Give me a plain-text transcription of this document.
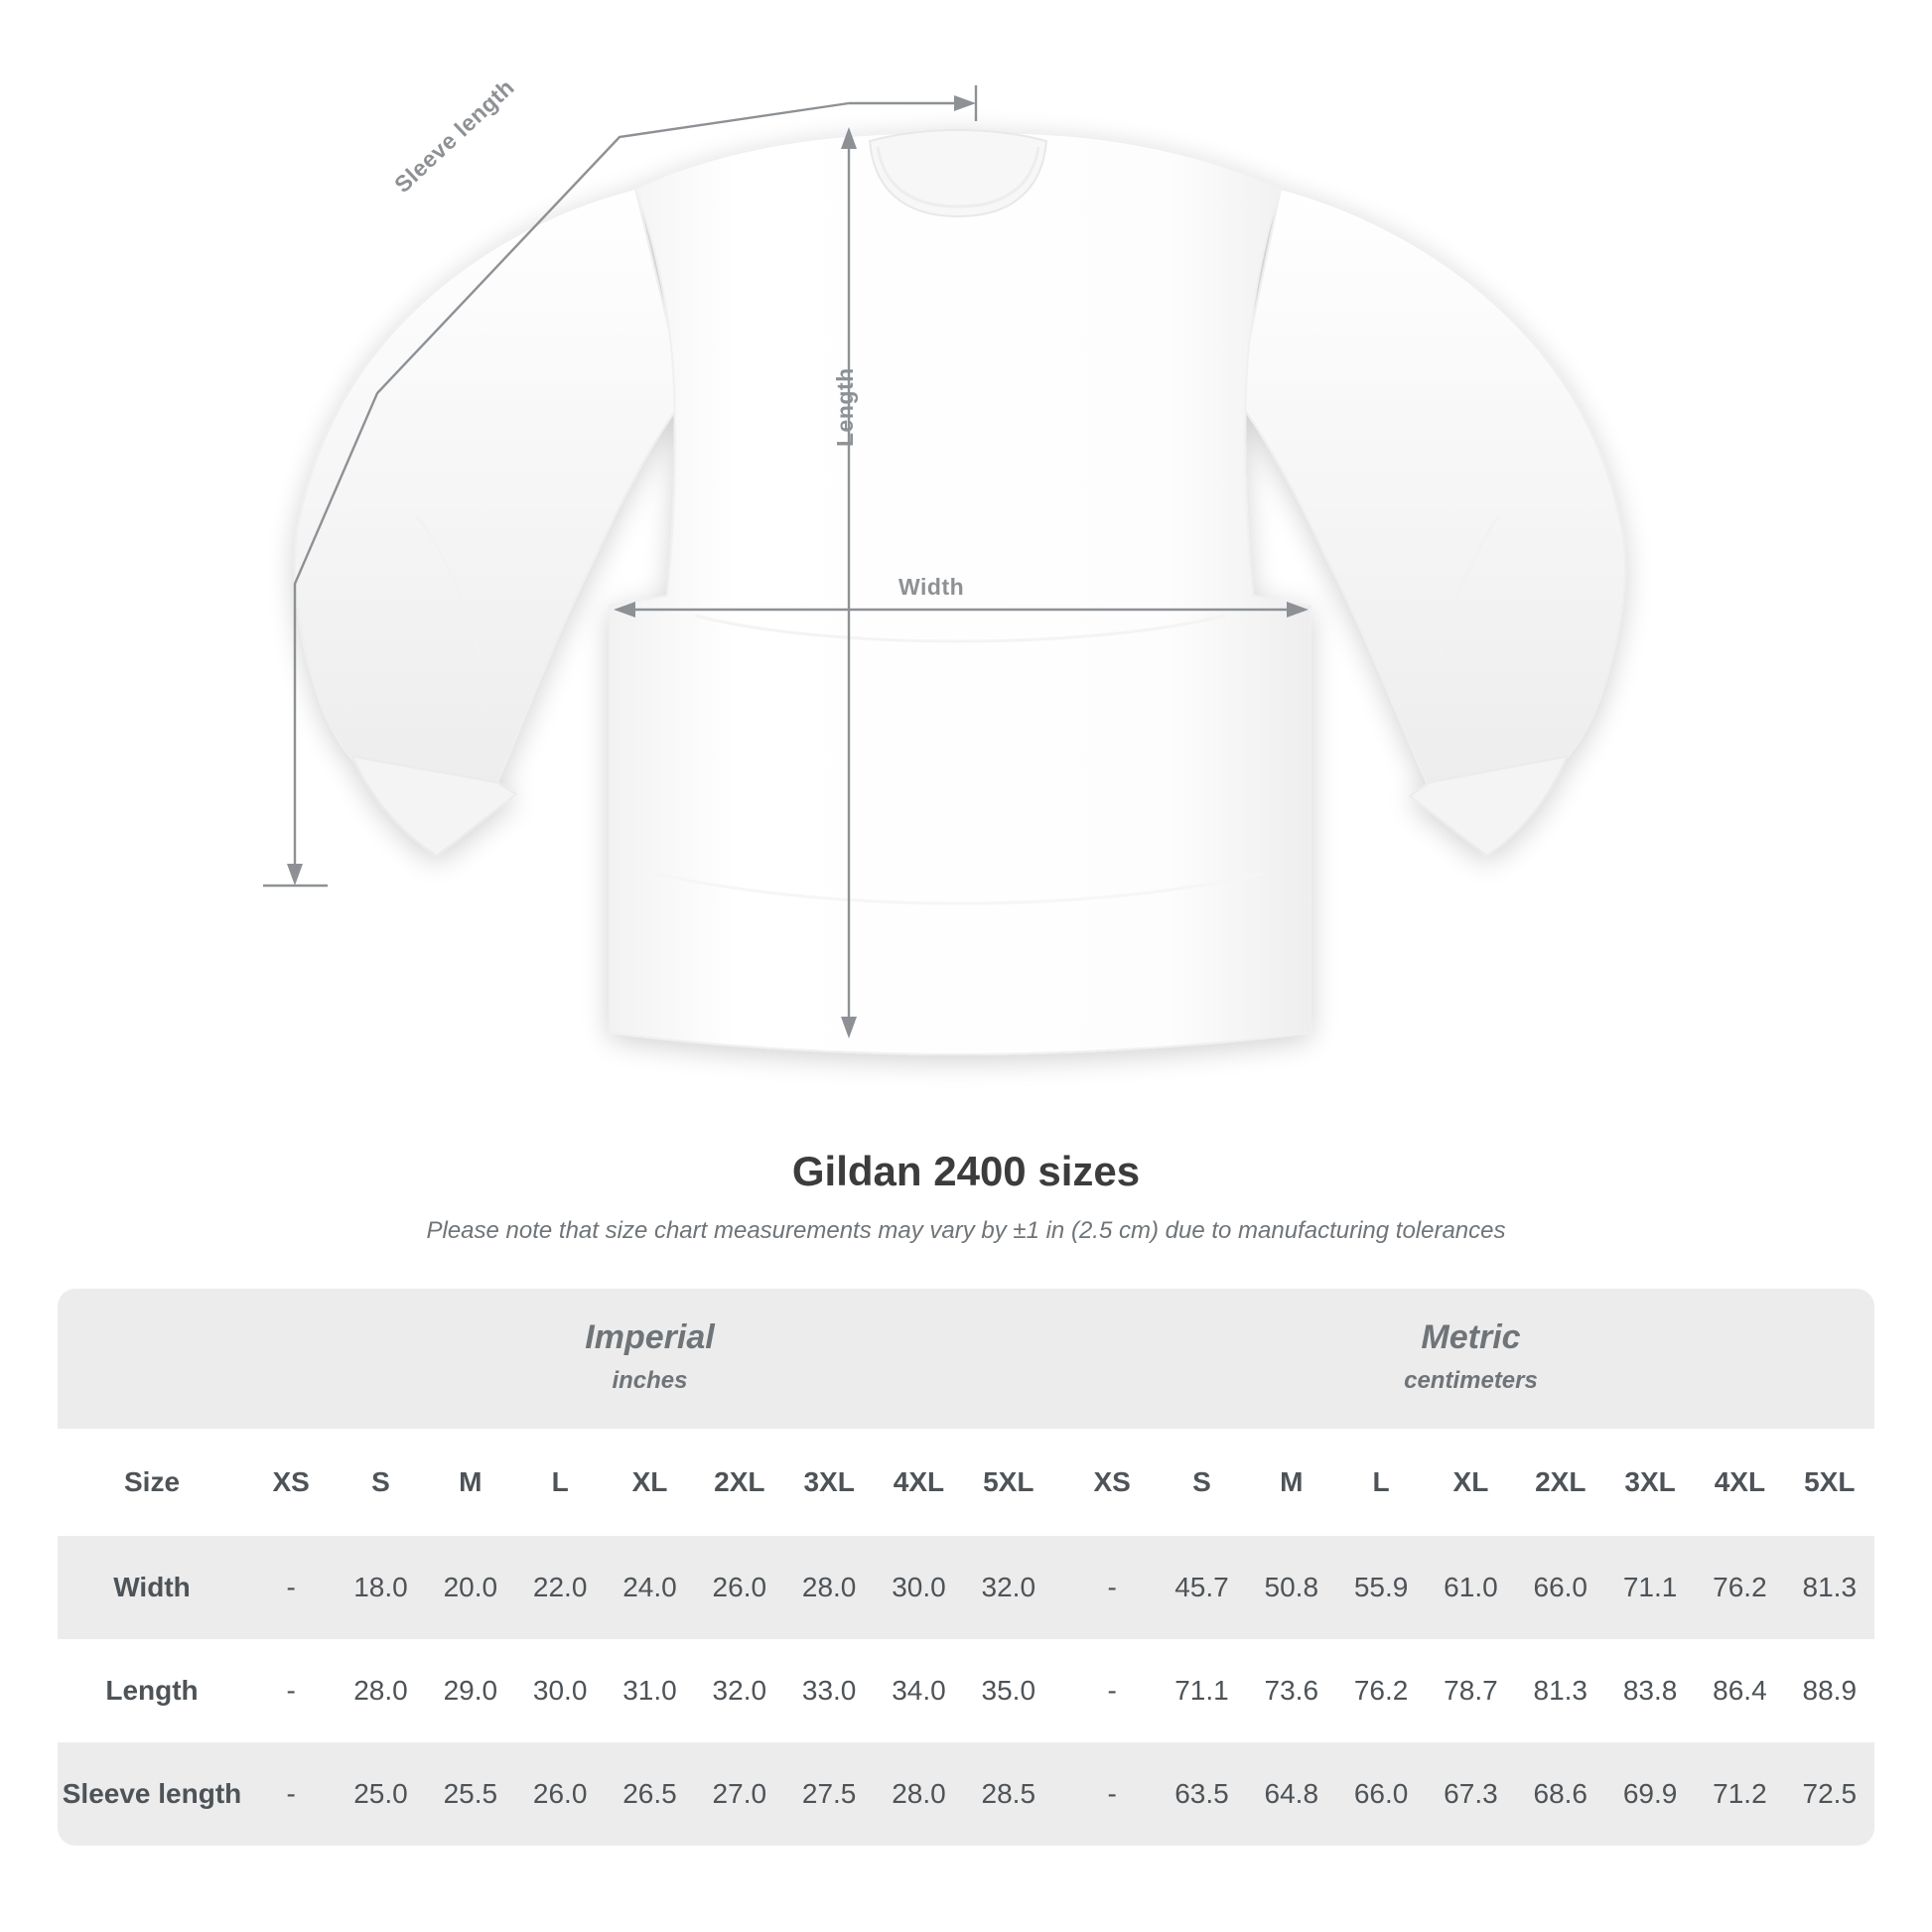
Width
Length
Sleeve length
Gildan 2400 sizes
Please note that size chart measurements may vary by ±1 in (2.5 cm) due to manufacturing tolerances

	Imperial
inches										Metric
centimeters								

Size	XS	S	M	L	XL	2XL	3XL	4XL	5XL		XS	S	M	L	XL	2XL	3XL	4XL	5XL
Width	-	18.0	20.0	22.0	24.0	26.0	28.0	30.0	32.0		-	45.7	50.8	55.9	61.0	66.0	71.1	76.2	81.3
Length	-	28.0	29.0	30.0	31.0	32.0	33.0	34.0	35.0		-	71.1	73.6	76.2	78.7	81.3	83.8	86.4	88.9
Sleeve length	-	25.0	25.5	26.0	26.5	27.0	27.5	28.0	28.5		-	63.5	64.8	66.0	67.3	68.6	69.9	71.2	72.5
